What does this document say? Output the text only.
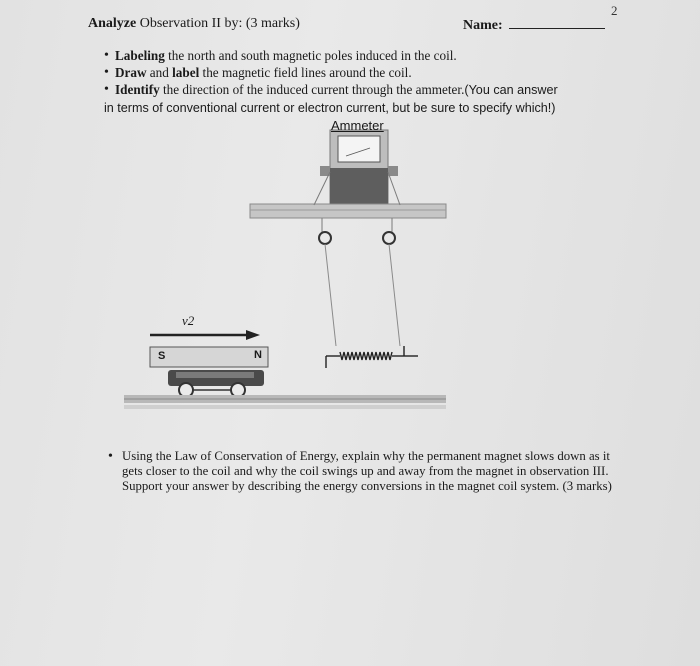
2
Analyze Observation II by: (3 marks)	Name:
• Labeling the north and south magnetic poles induced in the coil.
• Draw and label the magnetic field lines around the coil.
• Identify the direction of the induced current through the ammeter.(You can answer
in terms of conventional current or electron current, but be sure to specify which!)
Ammeter
v2
S	N
• Using the Law of Conservation of Energy, explain why the permanent magnet slows down as it gets closer to the coil and why the coil swings up and away from the magnet in observation III. Support your answer by describing the energy conversions in the magnet coil system. (3 marks)
